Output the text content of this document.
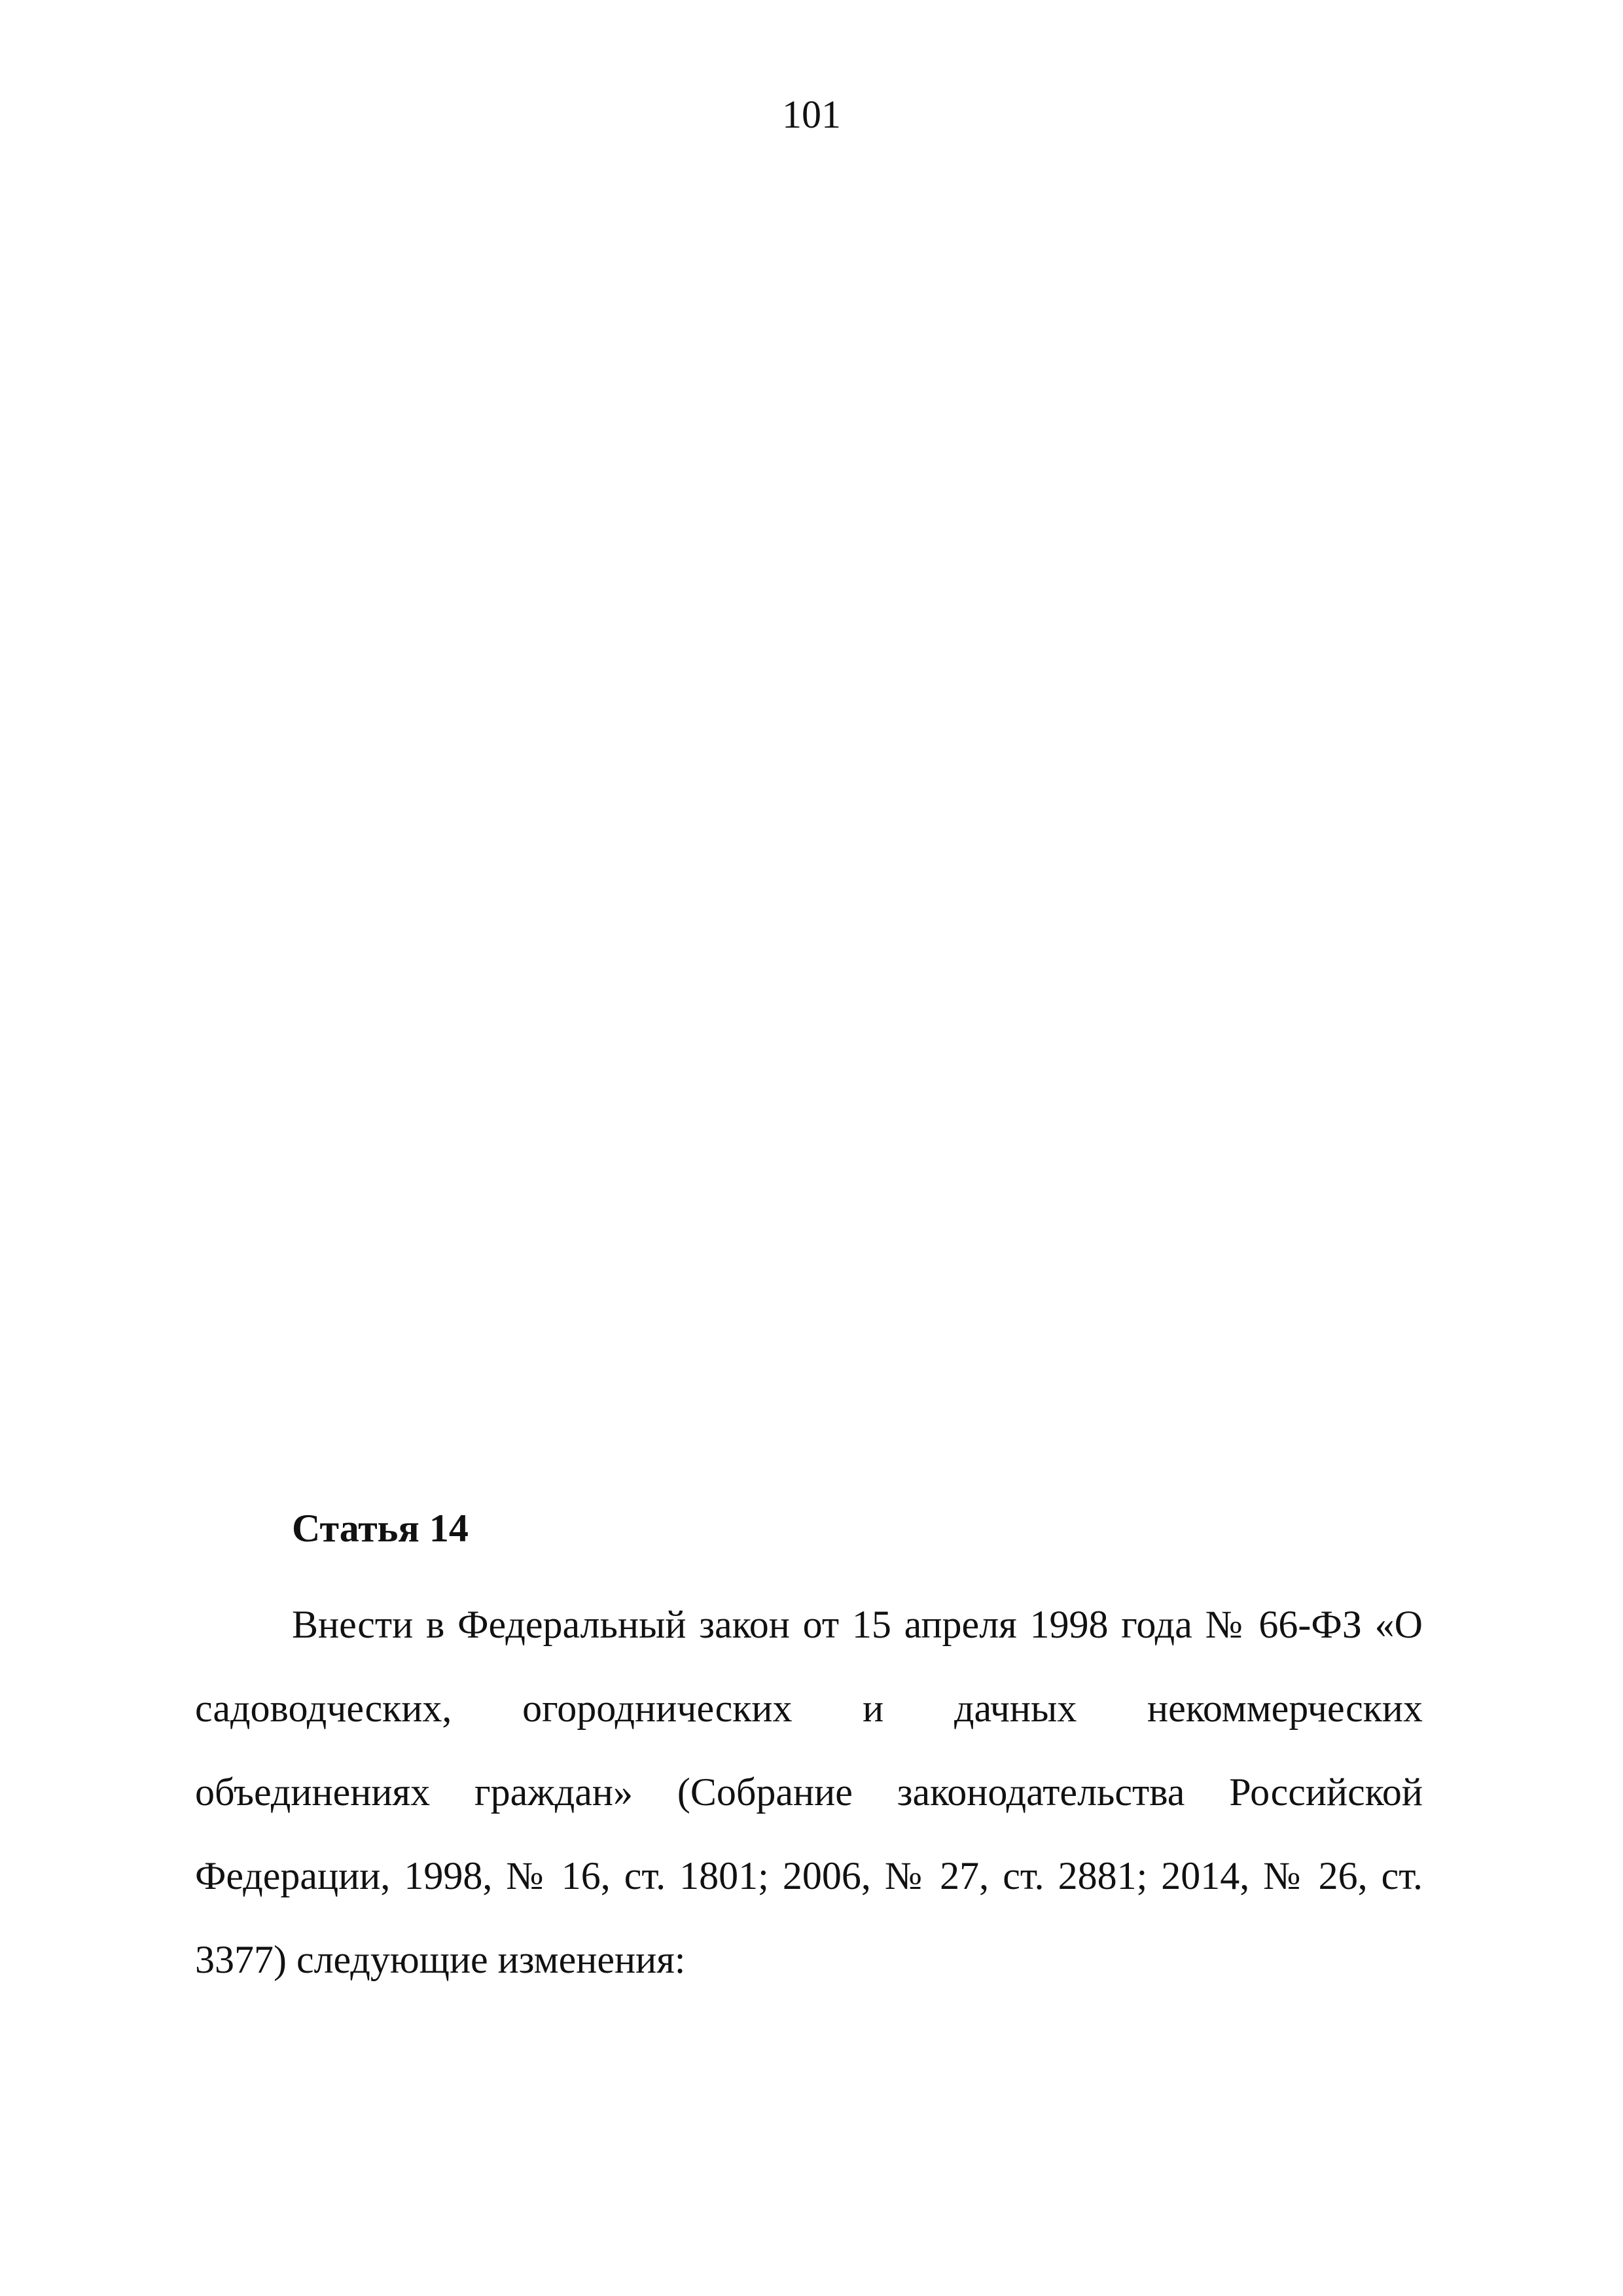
101
Статья 14

Внести в Федеральный закон от 15 апреля 1998 года № 66-ФЗ «О садоводческих, огороднических и дачных некоммерческих объединениях граждан» (Собрание законодательства Российской Федерации, 1998, № 16, ст. 1801; 2006, № 27, ст. 2881; 2014, № 26, ст. 3377) следующие изменения:
